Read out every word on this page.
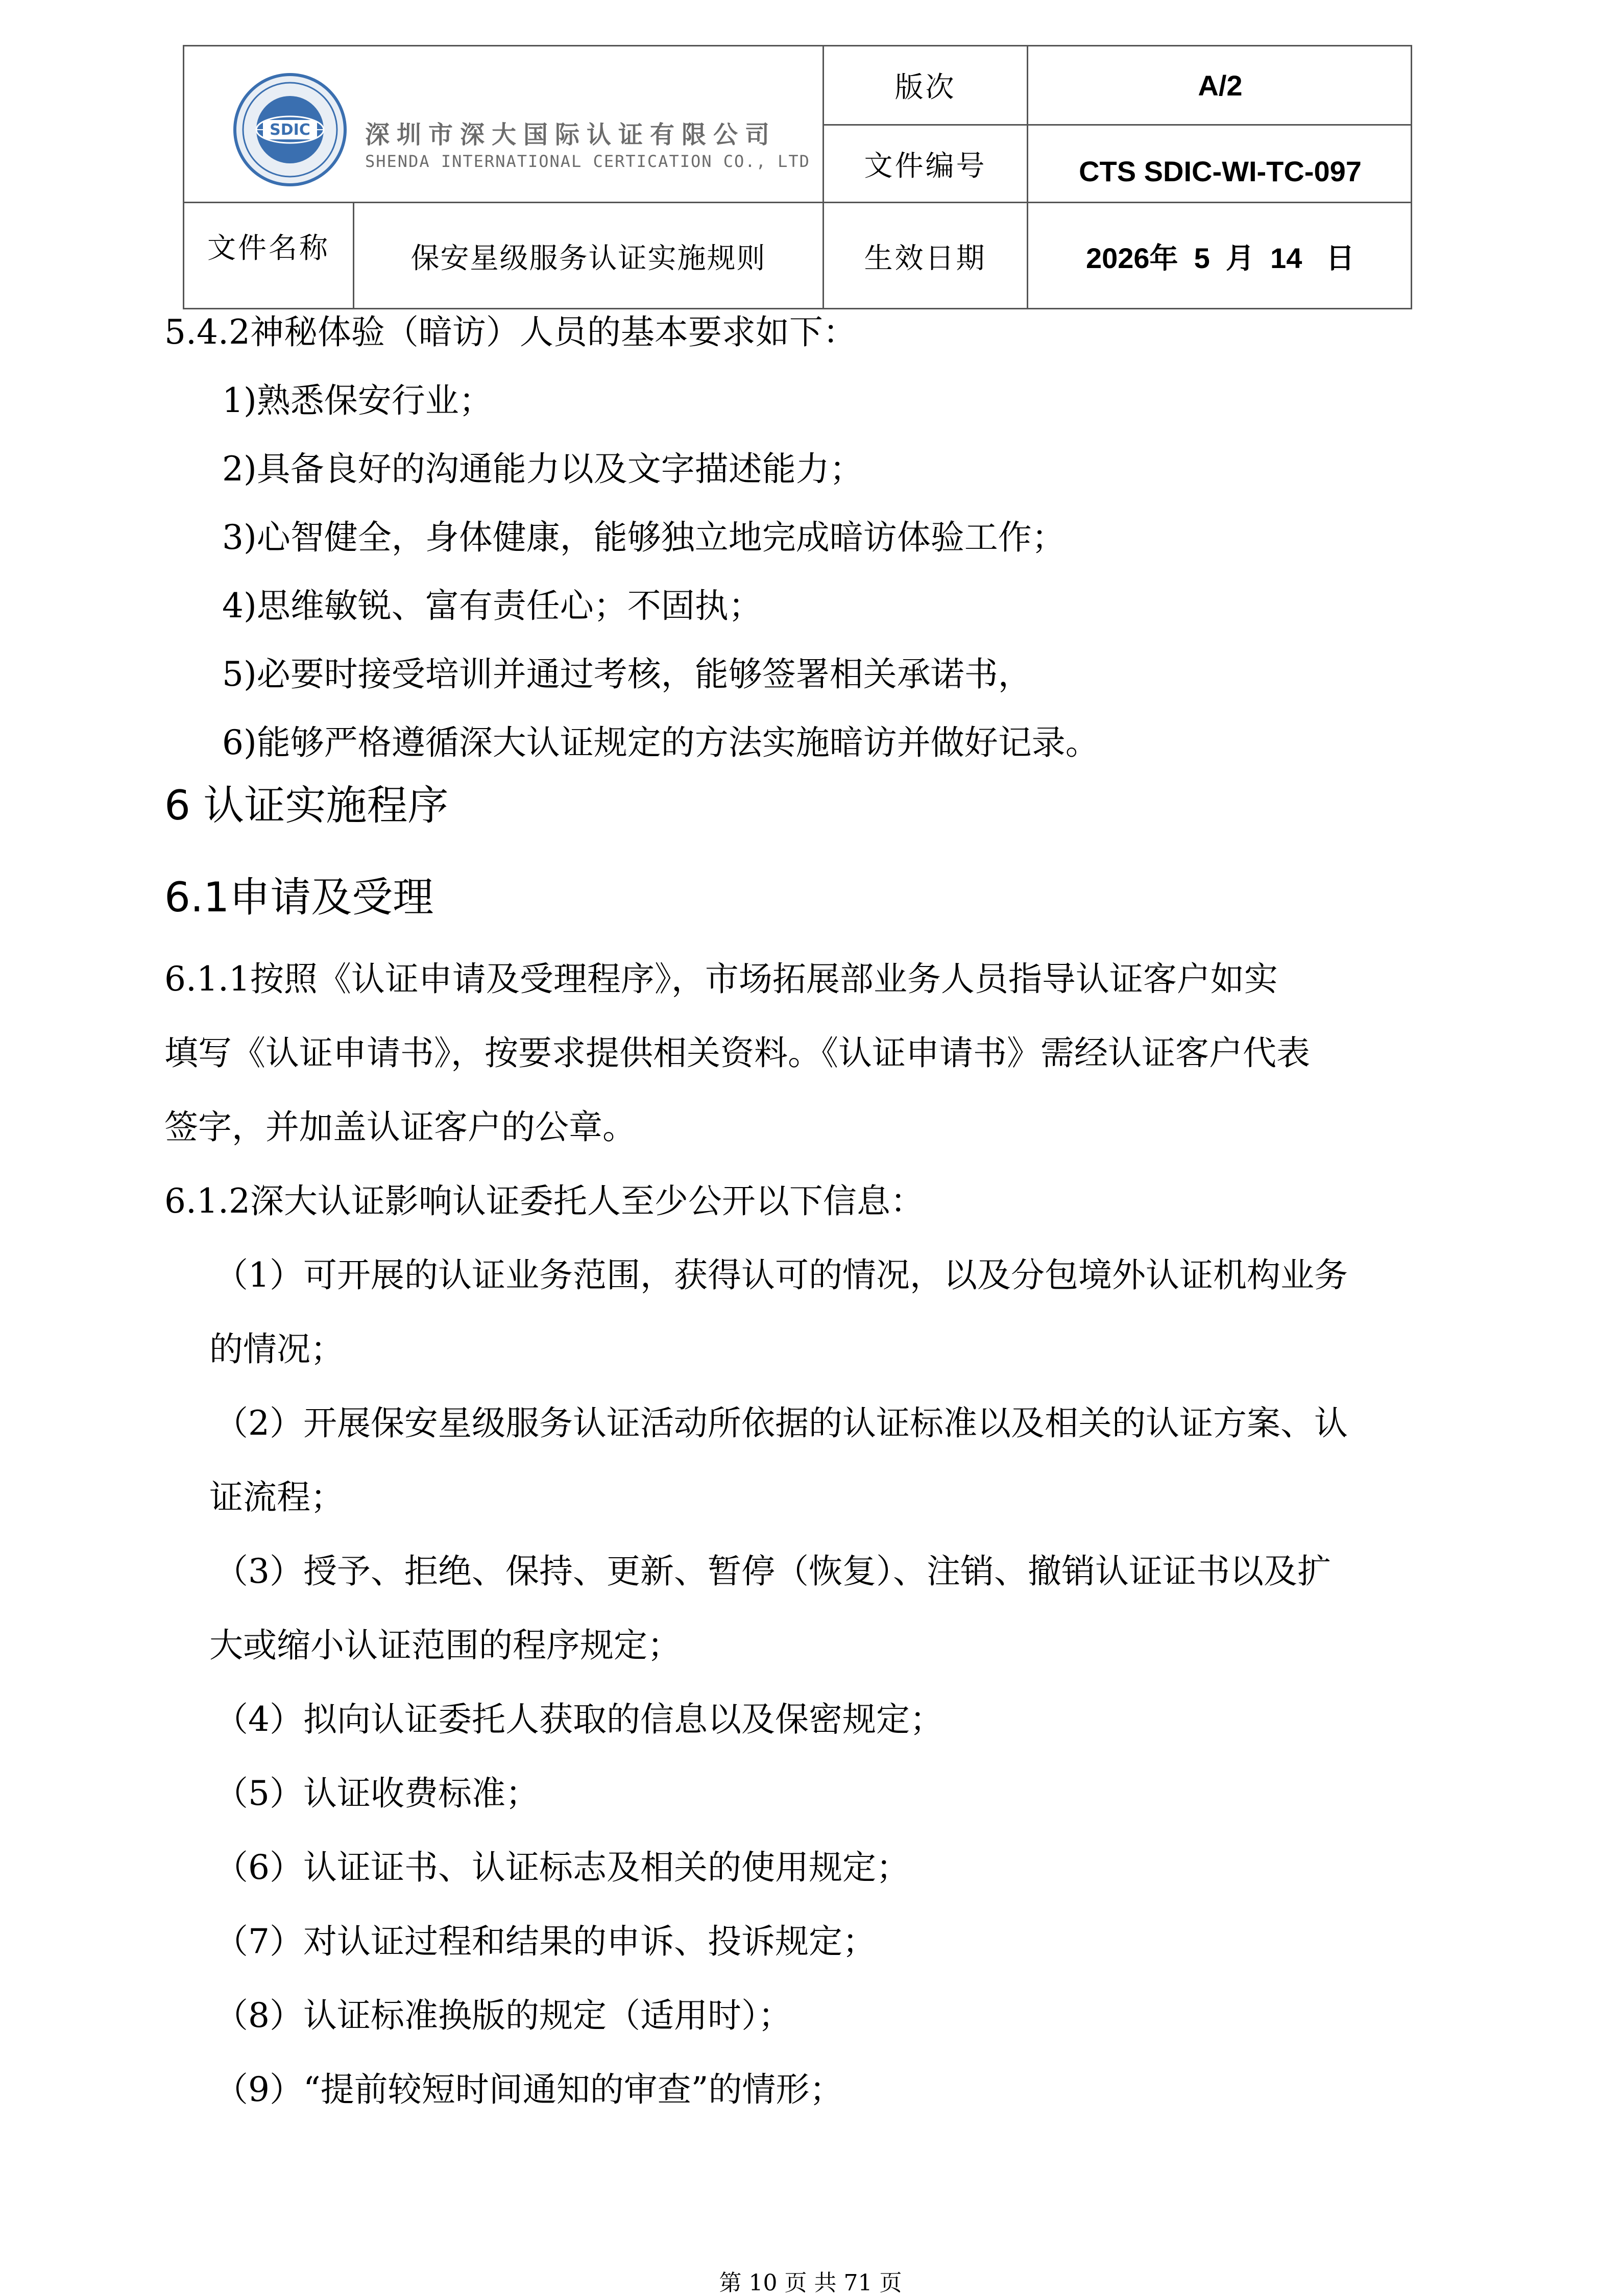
SDIC 深圳市深大国际认证有限公司
SHENDA INTERNATIONAL CERTICATION CO., LTD
版次	A/2
文件编号	CTS SDIC-WI-TC-097
文件名称	保安星级服务认证实施规则	生效日期	2026年  5  月  14   日
5.4.2神秘体验（暗访）人员的基本要求如下：
1)熟悉保安行业；
2)具备良好的沟通能力以及文字描述能力；
3)心智健全，身体健康，能够独立地完成暗访体验工作；
4)思维敏锐、富有责任心；不固执；
5)必要时接受培训并通过考核，能够签署相关承诺书，
6)能够严格遵循深大认证规定的方法实施暗访并做好记录。
6 认证实施程序
6.1申请及受理
6.1.1按照《认证申请及受理程序》，市场拓展部业务人员指导认证客户如实
填写《认证申请书》，按要求提供相关资料。《认证申请书》需经认证客户代表
签字，并加盖认证客户的公章。
6.1.2深大认证影响认证委托人至少公开以下信息：
（1）可开展的认证业务范围，获得认可的情况，以及分包境外认证机构业务
的情况；
（2）开展保安星级服务认证活动所依据的认证标准以及相关的认证方案、认
证流程；
（3）授予、拒绝、保持、更新、暂停（恢复）、注销、撤销认证证书以及扩
大或缩小认证范围的程序规定；
（4）拟向认证委托人获取的信息以及保密规定；
（5）认证收费标准；
（6）认证证书、认证标志及相关的使用规定；
（7）对认证过程和结果的申诉、投诉规定；
（8）认证标准换版的规定（适用时）；
（9）“提前较短时间通知的审查”的情形；
第 10 页 共 71 页
